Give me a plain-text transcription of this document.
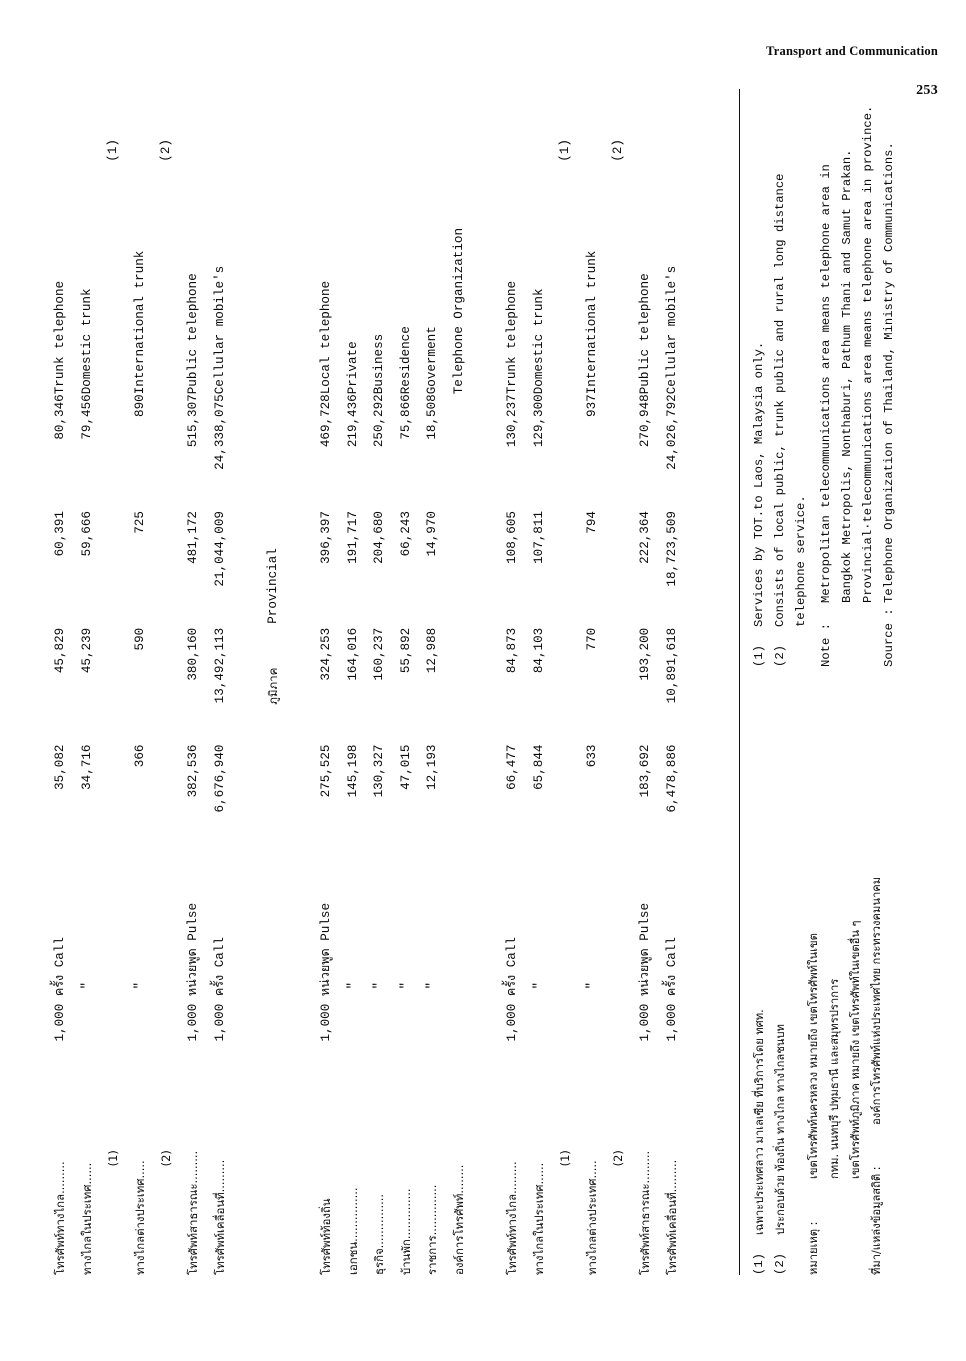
Transport and Communication
253
โทรศัพท์ทางไกล.........	1,000 ครั้ง Call	35,082	45,829	60,391	80,346	Trunk telephone
ทางไกลในประเทศ......	"	34,716	45,239	59,666	79,456	Domestic trunk
(1)						(1)
ทางไกลต่างประเทศ.....	"	366	590	725	890	International trunk
(2)						(2)
โทรศัพท์สาธารณะ.........	1,000 หน่วยพูด Pulse	382,536	380,160	481,172	515,307	Public telephone
โทรศัพท์เคลื่อนที่.........	1,000 ครั้ง Call	6,676,940	13,492,113	21,044,009	24,338,075	Cellular mobile's

			ภูมิภาค	Provincial		

โทรศัพท์ท้องถิ่น	1,000 หน่วยพูด Pulse	275,525	324,253	396,397	469,728	Local telephone
เอกชน...............	"	145,198	164,016	191,717	219,436	Private
ธุรกิจ...............	"	130,327	160,237	204,680	250,292	Business
บ้านพัก..............	"	47,015	55,892	66,243	75,866	Residence
ราชการ..............	"	12,193	12,988	14,970	18,508	Goverment
องค์การโทรศัพท์........						Telephone Organization

โทรศัพท์ทางไกล.........	1,000 ครั้ง Call	66,477	84,873	108,605	130,237	Trunk telephone
ทางไกลในประเทศ......	"	65,844	84,103	107,811	129,300	Domestic trunk
(1)						(1)
ทางไกลต่างประเทศ.....	"	633	770	794	937	International trunk
(2)						(2)
โทรศัพท์สาธารณะ.........	1,000 หน่วยพูด Pulse	183,692	193,200	222,364	270,948	Public telephone
โทรศัพท์เคลื่อนที่.........	1,000 ครั้ง Call	6,478,886	10,891,618	18,723,509	24,026,792	Cellular mobile's
(1)
เฉพาะประเทศลาว มาเลเซีย ที่บริการโดย ทศท.
(2)
ประกอบด้วย ท้องถิ่น ทางไกล ทางไกลชนบท
หมายเหตุ :
เขตโทรศัพท์นครหลวง หมายถึง เขตโทรศัพท์ในเขต กทม. นนทบุรี ปทุมธานี และสมุทรปราการ เขตโทรศัพท์ภูมิภาค หมายถึง เขตโทรศัพท์ในเขตอื่น ๆ
ที่มา/แหล่งข้อมูลสถิติ :
องค์การโทรศัพท์แห่งประเทศไทย กระทรวงคมนาคม
(1)
Services by TOT.to Laos, Malaysia only.
(2)
Consists of local public, trunk public and rural long distance telephone service.
Note :
Metropolitan telecommunications area means telephone area in Bangkok Metropolis, Nonthaburi, Pathum Thani and Samut Prakan. Provincial·telecommunications area means telephone area in province.
Source :
Telephone Organization of Thailand, Ministry of Communications.
